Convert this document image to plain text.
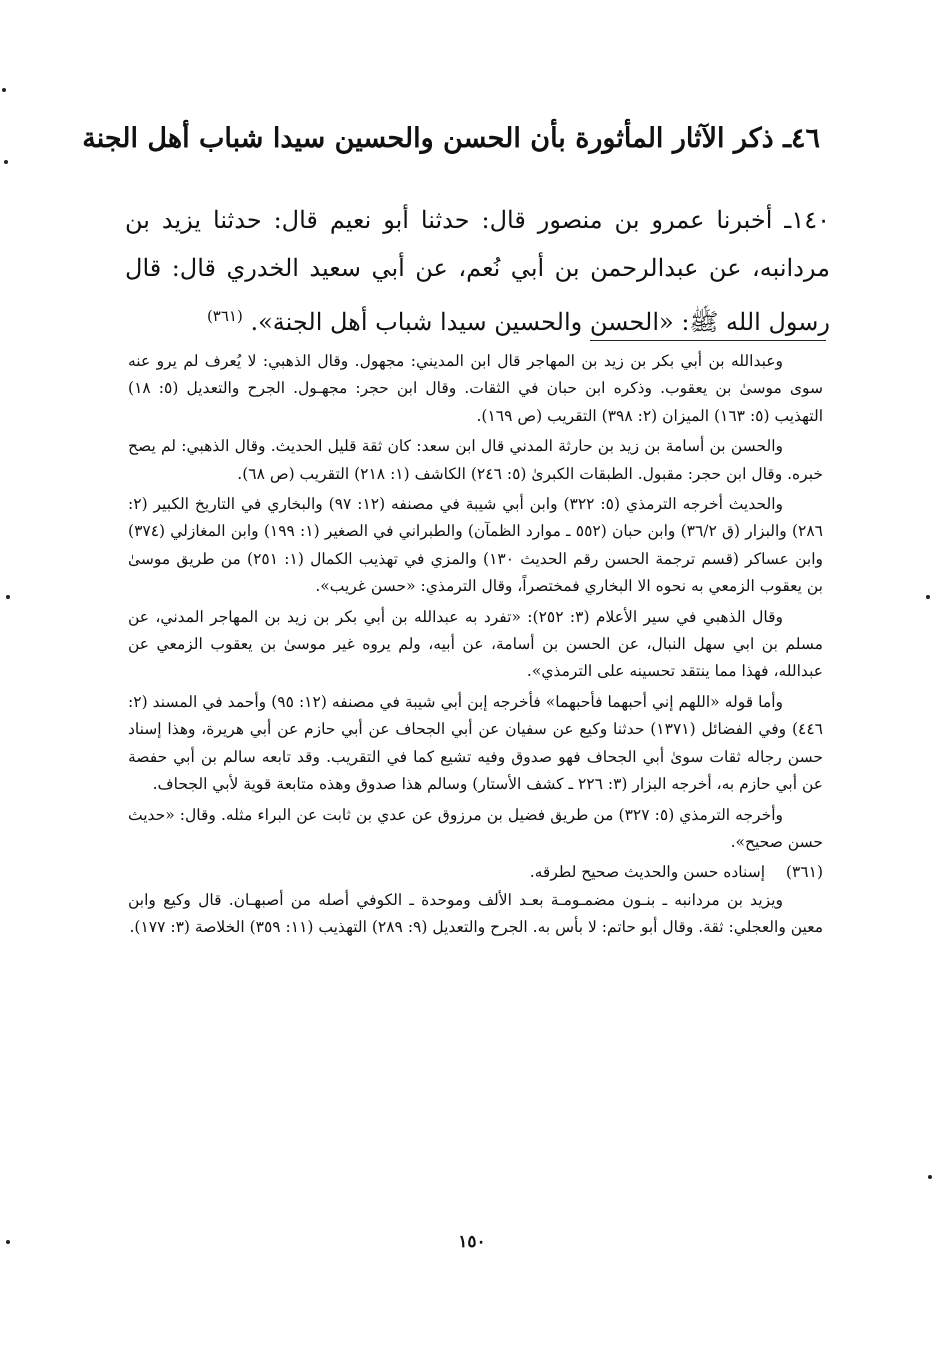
٤٦ـ ذكر الآثار المأثورة بأن الحسن والحسين سيدا شباب أهل الجنة
١٤٠ـ أخبرنا عمرو بن منصور قال: حدثنا أبو نعيم قال: حدثنا يزيد بن مردانبه، عن عبدالرحمن بن أبي نُعم، عن أبي سعيد الخدري قال: قال رسول الله ﷺ: «الحسن والحسين سيدا شباب أهل الجنة». $^{(٣٦١)}$

وعبدالله بن أبي بكر بن زيد بن المهاجر قال ابن المديني: مجهول. وقال الذهبي: لا يُعرف لم يرو عنه سوى موسىٰ بن يعقوب. وذكره ابن حبان في الثقات. وقال ابن حجر: مجهـول. الجرح والتعديل (٥: ١٨) التهذيب (٥: ١٦٣) الميزان (٢: ٣٩٨) التقريب (ص ١٦٩).

والحسن بن أسامة بن زيد بن حارثة المدني قال ابن سعد: كان ثقة قليل الحديث. وقال الذهبي: لم يصح خبره. وقال ابن حجر: مقبول. الطبقات الكبرىٰ (٥: ٢٤٦) الكاشف (١: ٢١٨) التقريب (ص ٦٨).

والحديث أخرجه الترمذي (٥: ٣٢٢) وابن أبي شيبة في مصنفه (١٢: ٩٧) والبخاري في التاريخ الكبير (٢: ٢٨٦) والبزار (ق ٣٦/٢) وابن حبان (٥٥٢ ـ موارد الظمآن) والطبراني في الصغير (١: ١٩٩) وابن المغازلي (٣٧٤) وابن عساكر (قسم ترجمة الحسن رقم الحديث ١٣٠) والمزي في تهذيب الكمال (١: ٢٥١) من طريق موسىٰ بن يعقوب الزمعي به نحوه الا البخاري فمختصراً، وقال الترمذي: «حسن غريب».

وقال الذهبي في سير الأعلام (٣: ٢٥٢): «تفرد به عبدالله بن أبي بكر بن زيد بن المهاجر المدني، عن مسلم بن ابي سهل النبال، عن الحسن بن أسامة، عن أبيه، ولم يروه غير موسىٰ بن يعقوب الزمعي عن عبدالله، فهذا مما ينتقد تحسينه على الترمذي».

وأما قوله «اللهم إني أحبهما فأحبهما» فأخرجه إبن أبي شيبة في مصنفه (١٢: ٩٥) وأحمد في المسند (٢: ٤٤٦) وفي الفضائل (١٣٧١) حدثنا وكيع عن سفيان عن أبي الجحاف عن أبي حازم عن أبي هريرة، وهذا إسناد حسن رجاله ثقات سوىٰ أبي الجحاف فهو صدوق وفيه تشيع كما في التقريب. وقد تابعه سالم بن أبي حفصة عن أبي حازم به، أخرجه البزار (٣: ٢٢٦ ـ كشف الأستار) وسالم هذا صدوق وهذه متابعة قوية لأبي الجحاف.

وأخرجه الترمذي (٥: ٣٢٧) من طريق فضيل بن مرزوق عن عدي بن ثابت عن البراء مثله. وقال: «حديث حسن صحيح».

(٣٦١)
إسناده حسن والحديث صحيح لطرقه.

ويزيد بن مردانبه ـ بنـون مضمـومـة بعـد الألف وموحدة ـ الكوفي أصله من أصبهـان. قال وكيع وابن معين والعجلي: ثقة. وقال أبو حاتم: لا بأس به. الجرح والتعديل (٩: ٢٨٩) التهذيب (١١: ٣٥٩) الخلاصة (٣: ١٧٧).

١٥٠
